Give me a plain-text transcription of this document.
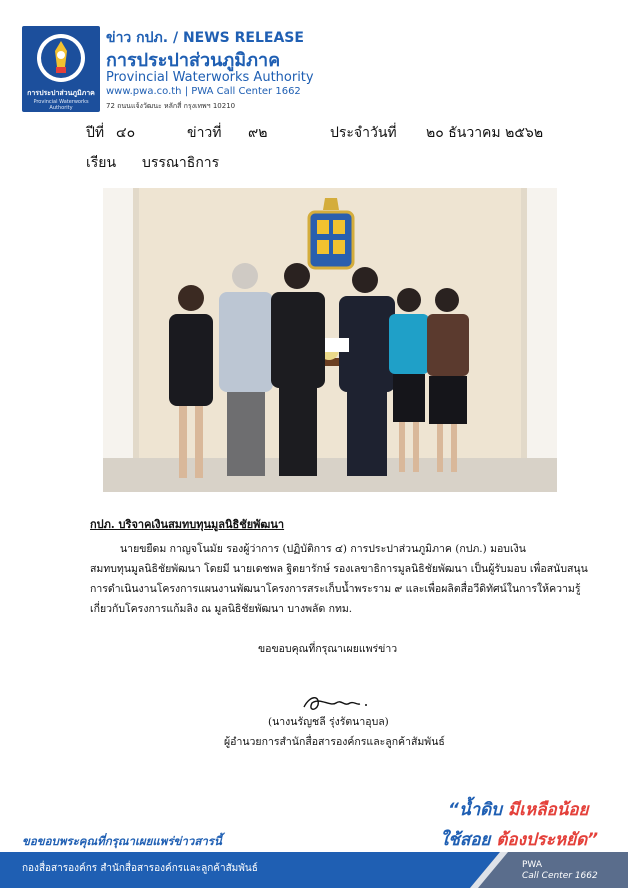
การประปาส่วนภูมิภาค
Provincial Waterworks Authority
ข่าว กปภ. / NEWS RELEASE
การประปาส่วนภูมิภาค
Provincial Waterworks Authority
www.pwa.co.th | PWA Call Center 1662
72 ถนนแจ้งวัฒนะ หลักสี่ กรุงเทพฯ 10210
ปีที่ ๔๐	ข่าวที่ ๙๒	ประจำวันที่ ๒๐ ธันวาคม ๒๕๖๒
เรียน บรรณาธิการ
กปภ. บริจาคเงินสมทบทุนมูลนิธิชัยพัฒนา
นายขยืดม กาญจโนมัย รองผู้ว่าการ (ปฏิบัติการ ๔) การประปาส่วนภูมิภาค (กปภ.) มอบเงิน
สมทบทุนมูลนิธิชัยพัฒนา โดยมี นายเดชพล ฐิตยารักษ์ รองเลขาธิการมูลนิธิชัยพัฒนา เป็นผู้รับมอบ เพื่อสนับสนุน
การดำเนินงานโครงการแผนงานพัฒนาโครงการสระเก็บน้ำพระราม ๙ และเพื่อผลิตสื่อวีดิทัศน์ในการให้ความรู้
เกี่ยวกับโครงการแก้มลิง ณ มูลนิธิชัยพัฒนา บางพลัด กทม.
ขอขอบคุณที่กรุณาเผยแพร่ข่าว
(นางนรัญชลี รุ่งรัตนาอุบล)
ผู้อำนวยการสำนักสื่อสารองค์กรและลูกค้าสัมพันธ์
“น้ำดิบ มีเหลือน้อย
ใช้สอย ต้องประหยัด”
ขอขอบพระคุณที่กรุณาเผยแพร่ข่าวสารนี้
กองสื่อสารองค์กร สำนักสื่อสารองค์กรและลูกค้าสัมพันธ์	PWA
Call Center 1662
